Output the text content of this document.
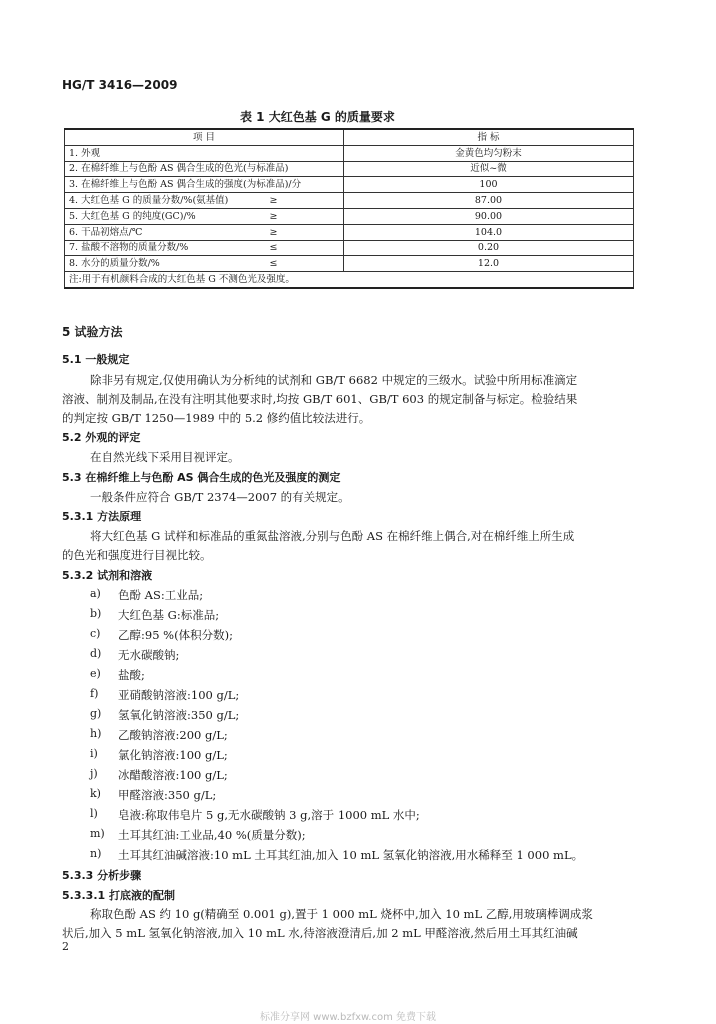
HG/T 3416—2009
表 1 大红色基 G 的质量要求
项 目		指 标
1. 外观		金黄色均匀粉末
2. 在棉纤维上与色酚 AS 偶合生成的色光(与标准品)		近似~微
3. 在棉纤维上与色酚 AS 偶合生成的强度(为标准品)/分		100
4. 大红色基 G 的质量分数/%(氨基值)	≥	87.00
5. 大红色基 G 的纯度(GC)/%	≥	90.00
6. 干品初熔点/℃	≥	104.0
7. 盐酸不溶物的质量分数/%	≤	0.20
8. 水分的质量分数/%	≤	12.0
注:用于有机颜料合成的大红色基 G 不测色光及强度。		
5 试验方法
5.1 一般规定
除非另有规定,仅使用确认为分析纯的试剂和 GB/T 6682 中规定的三级水。试验中所用标准滴定
溶液、制剂及制品,在没有注明其他要求时,均按 GB/T 601、GB/T 603 的规定制备与标定。检验结果
的判定按 GB/T 1250—1989 中的 5.2 修约值比较法进行。
5.2 外观的评定
在自然光线下采用目视评定。
5.3 在棉纤维上与色酚 AS 偶合生成的色光及强度的测定
一般条件应符合 GB/T 2374—2007 的有关规定。
5.3.1 方法原理
将大红色基 G 试样和标准品的重氮盐溶液,分别与色酚 AS 在棉纤维上偶合,对在棉纤维上所生成
的色光和强度进行目视比较。
5.3.2 试剂和溶液
a) 色酚 AS:工业品;
b) 大红色基 G:标准品;
c) 乙醇:95 %(体积分数);
d) 无水碳酸钠;
e) 盐酸;
f) 亚硝酸钠溶液:100 g/L;
g) 氢氧化钠溶液:350 g/L;
h) 乙酸钠溶液:200 g/L;
i) 氯化钠溶液:100 g/L;
j) 冰醋酸溶液:100 g/L;
k) 甲醛溶液:350 g/L;
l) 皂液:称取伟皂片 5 g,无水碳酸钠 3 g,溶于 1000 mL 水中;
m) 土耳其红油:工业品,40 %(质量分数);
n) 土耳其红油碱溶液:10 mL 土耳其红油,加入 10 mL 氢氧化钠溶液,用水稀释至 1 000 mL。
5.3.3 分析步骤
5.3.3.1 打底液的配制
称取色酚 AS 约 10 g(精确至 0.001 g),置于 1 000 mL 烧杯中,加入 10 mL 乙醇,用玻璃棒调成浆
状后,加入 5 mL 氢氧化钠溶液,加入 10 mL 水,待溶液澄清后,加 2 mL 甲醛溶液,然后用土耳其红油碱
2
标准分享网 www.bzfxw.com 免费下载
